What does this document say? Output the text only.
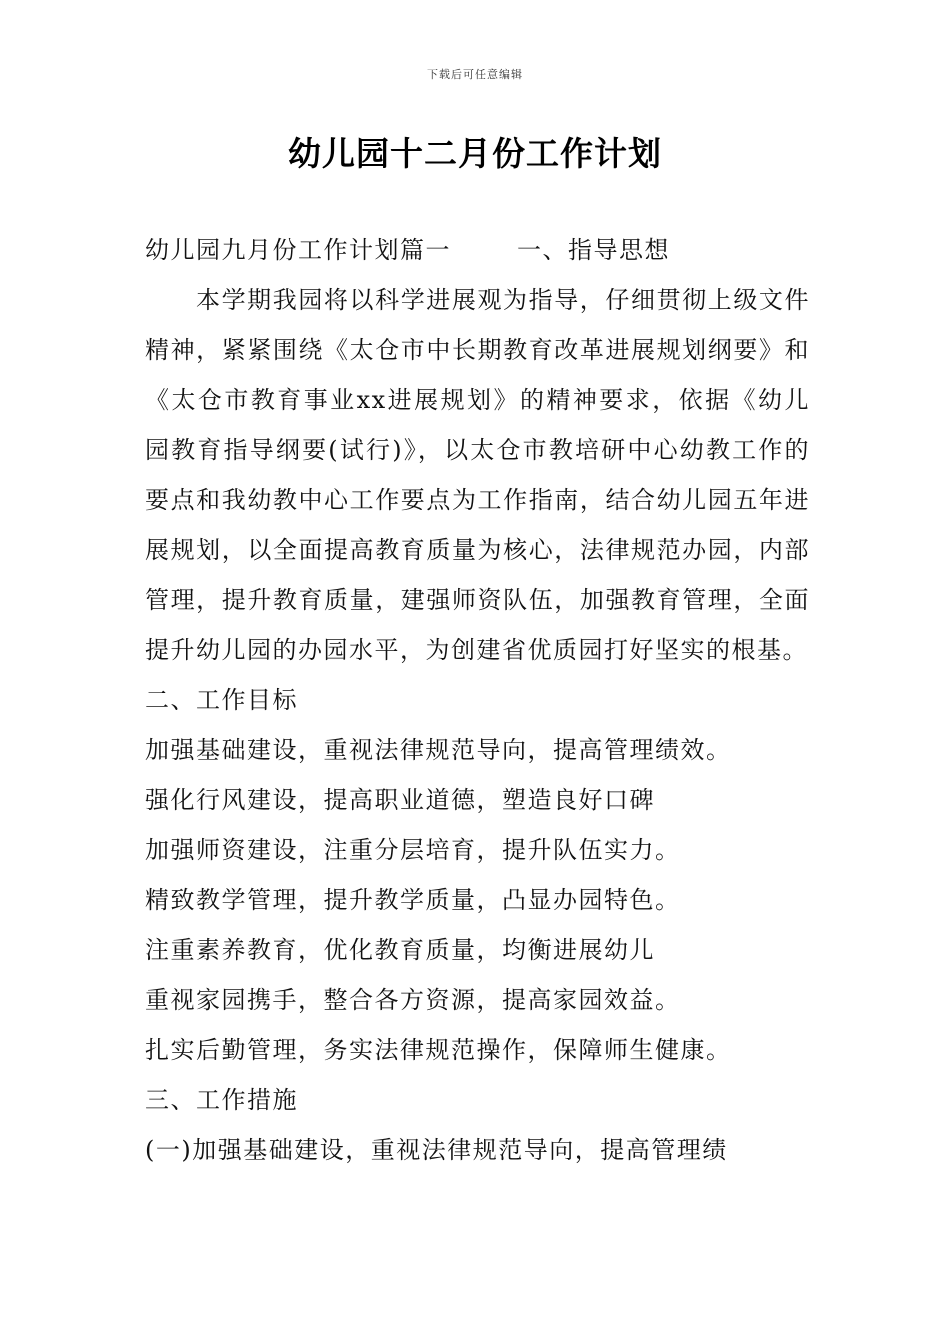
下载后可任意编辑
幼儿园十二月份工作计划

幼儿园九月份工作计划篇一	一、指导思想

本学期我园将以科学进展观为指导，仔细贯彻上级文件精神，紧紧围绕《太仓市中长期教育改革进展规划纲要》和《太仓市教育事业xx进展规划》的精神要求，依据《幼儿园教育指导纲要(试行)》，以太仓市教培研中心幼教工作的要点和我幼教中心工作要点为工作指南，结合幼儿园五年进展规划，以全面提高教育质量为核心，法律规范办园，内部管理，提升教育质量，建强师资队伍，加强教育管理，全面提升幼儿园的办园水平，为创建省优质园打好坚实的根基。

二、工作目标

加强基础建设，重视法律规范导向，提高管理绩效。

强化行风建设，提高职业道德，塑造良好口碑

加强师资建设，注重分层培育，提升队伍实力。

精致教学管理，提升教学质量，凸显办园特色。

注重素养教育，优化教育质量，均衡进展幼儿

重视家园携手，整合各方资源，提高家园效益。

扎实后勤管理，务实法律规范操作，保障师生健康。

三、工作措施

(一)加强基础建设，重视法律规范导向，提高管理绩
